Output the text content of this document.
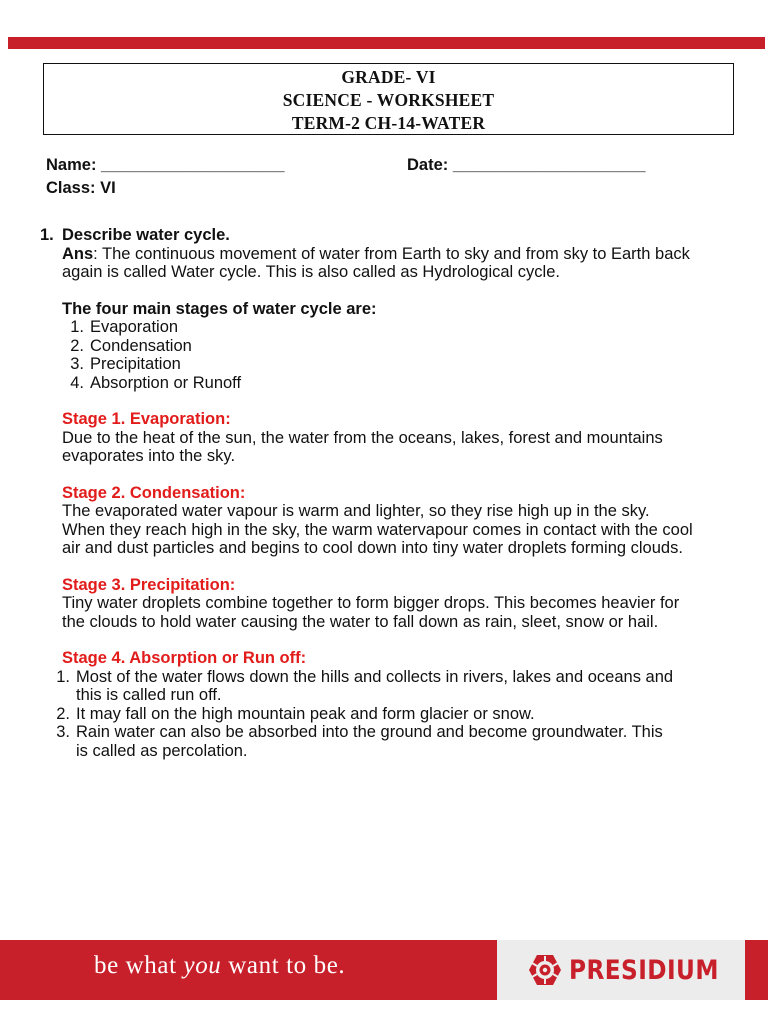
GRADE- VI
SCIENCE - WORKSHEET
TERM-2 CH-14-WATER
Name: ____________________	Date: _____________________
Class: VI
1. Describe water cycle.
Ans: The continuous movement of water from Earth to sky and from sky to Earth back
again is called Water cycle. This is also called as Hydrological cycle.
The four main stages of water cycle are:
1. Evaporation
2. Condensation
3. Precipitation
4. Absorption or Runoff
Stage 1. Evaporation:
Due to the heat of the sun, the water from the oceans, lakes, forest and mountains
evaporates into the sky.
Stage 2. Condensation:
The evaporated water vapour is warm and lighter, so they rise high up in the sky.
When they reach high in the sky, the warm watervapour comes in contact with the cool
air and dust particles and begins to cool down into tiny water droplets forming clouds.
Stage 3. Precipitation:
Tiny water droplets combine together to form bigger drops. This becomes heavier for
the clouds to hold water causing the water to fall down as rain, sleet, snow or hail.
Stage 4. Absorption or Run off:
1. Most of the water flows down the hills and collects in rivers, lakes and oceans and
this is called run off.
2. It may fall on the high mountain peak and form glacier or snow.
3. Rain water can also be absorbed into the ground and become groundwater. This
is called as percolation.
be what you want to be.	PRESIDIUM
